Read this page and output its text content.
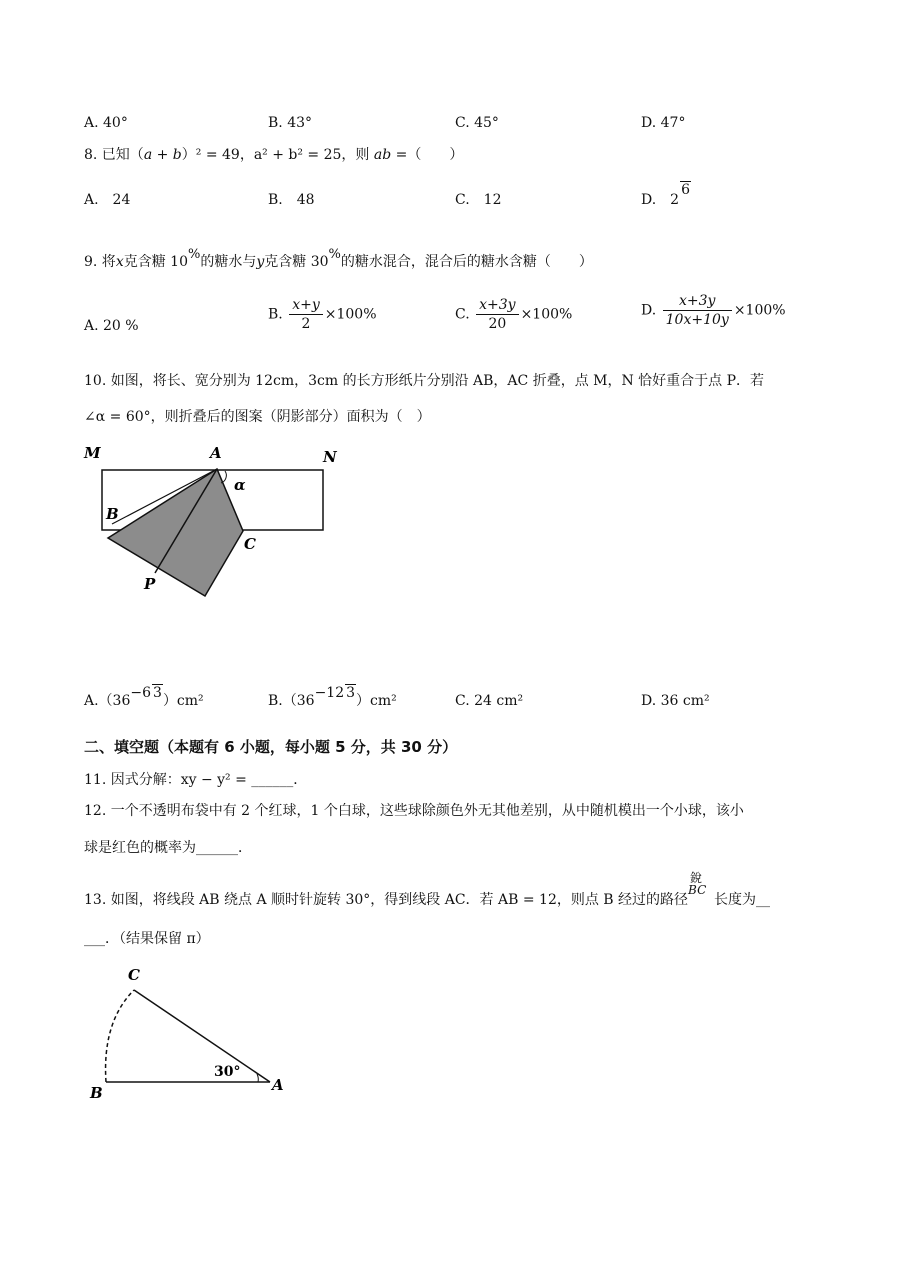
A. 40°	B. 43°	C. 45°	D. 47°
8. 已知（a + b）² = 49，a² + b² = 25，则 ab =（　　）
A.　24	B.　48	C.　12	D.　26
9. 将x克含糖 10%的糖水与y克含糖 30%的糖水混合，混合后的糖水含糖（　　）
A. 20 %
B. $\frac{x+y}{2} \times 100\%$	C. $\frac{x+3y}{20} \times 100\%$	D. $\frac{x+3y}{10x+10y} \times 100\%$
10. 如图，将长、宽分别为 12cm，3cm 的长方形纸片分别沿 AB，AC 折叠，点 M，N 恰好重合于点 P．若
∠α = 60°，则折叠后的图案（阴影部分）面积为（　）
M	A	N
α
B
C
P
A.（36−6 3）cm²	B.（36−12 3）cm²	C. 24 cm²	D. 36 cm²
二、填空题（本题有 6 小题，每小题 5 分，共 30 分）
11. 因式分解：xy − y² = ______．
12. 一个不透明布袋中有 2 个红球，1 个白球，这些球除颜色外无其他差别，从中随机模出一个小球，该小
球是红色的概率为______．
13. 如图，将线段 AB 绕点 A 顺时针旋转 30°，得到线段 AC．若 AB = 12，则点 B 经过的路径
銳
BC
长度为__
___．（结果保留 π）
C
B	A
30°
